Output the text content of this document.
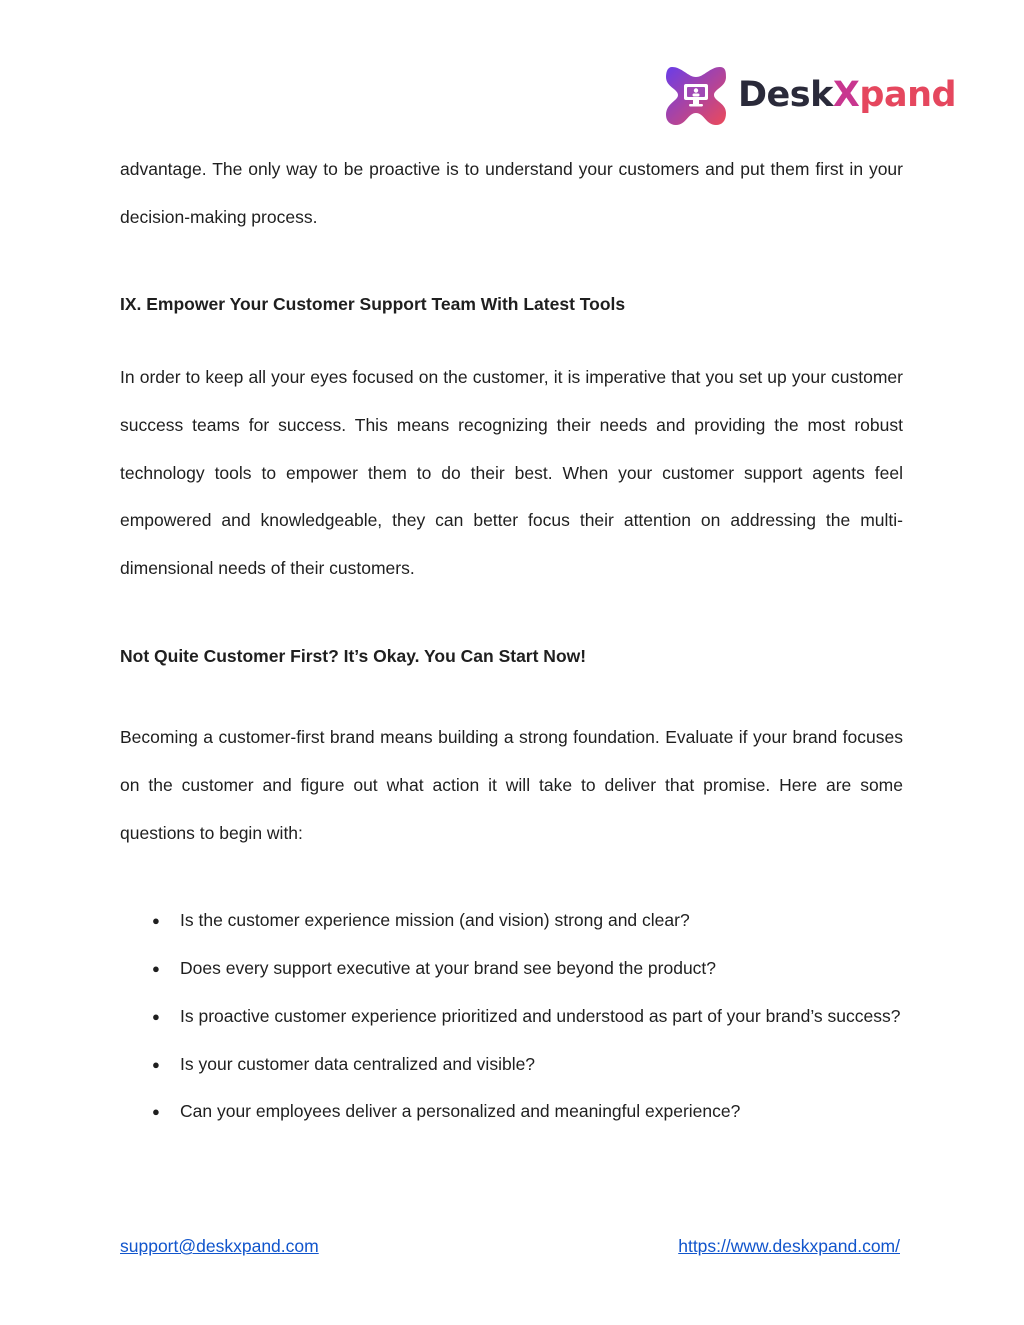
DeskXpand

advantage. The only way to be proactive is to understand your customers and put them first in your decision-making process.

IX. Empower Your Customer Support Team With Latest Tools

In order to keep all your eyes focused on the customer, it is imperative that you set up your customer success teams for success. This means recognizing their needs and providing the most robust technology tools to empower them to do their best. When your customer support agents feel empowered and knowledgeable, they can better focus their attention on addressing the multi-dimensional needs of their customers.

Not Quite Customer First? It’s Okay. You Can Start Now!

Becoming a customer-first brand means building a strong foundation. Evaluate if your brand focuses on the customer and figure out what action it will take to deliver that promise. Here are some questions to begin with:

● Is the customer experience mission (and vision) strong and clear?
● Does every support executive at your brand see beyond the product?
● Is proactive customer experience prioritized and understood as part of your brand’s success?
● Is your customer data centralized and visible?
● Can your employees deliver a personalized and meaningful experience?
support@deskxpand.com	https://www.deskxpand.com/
